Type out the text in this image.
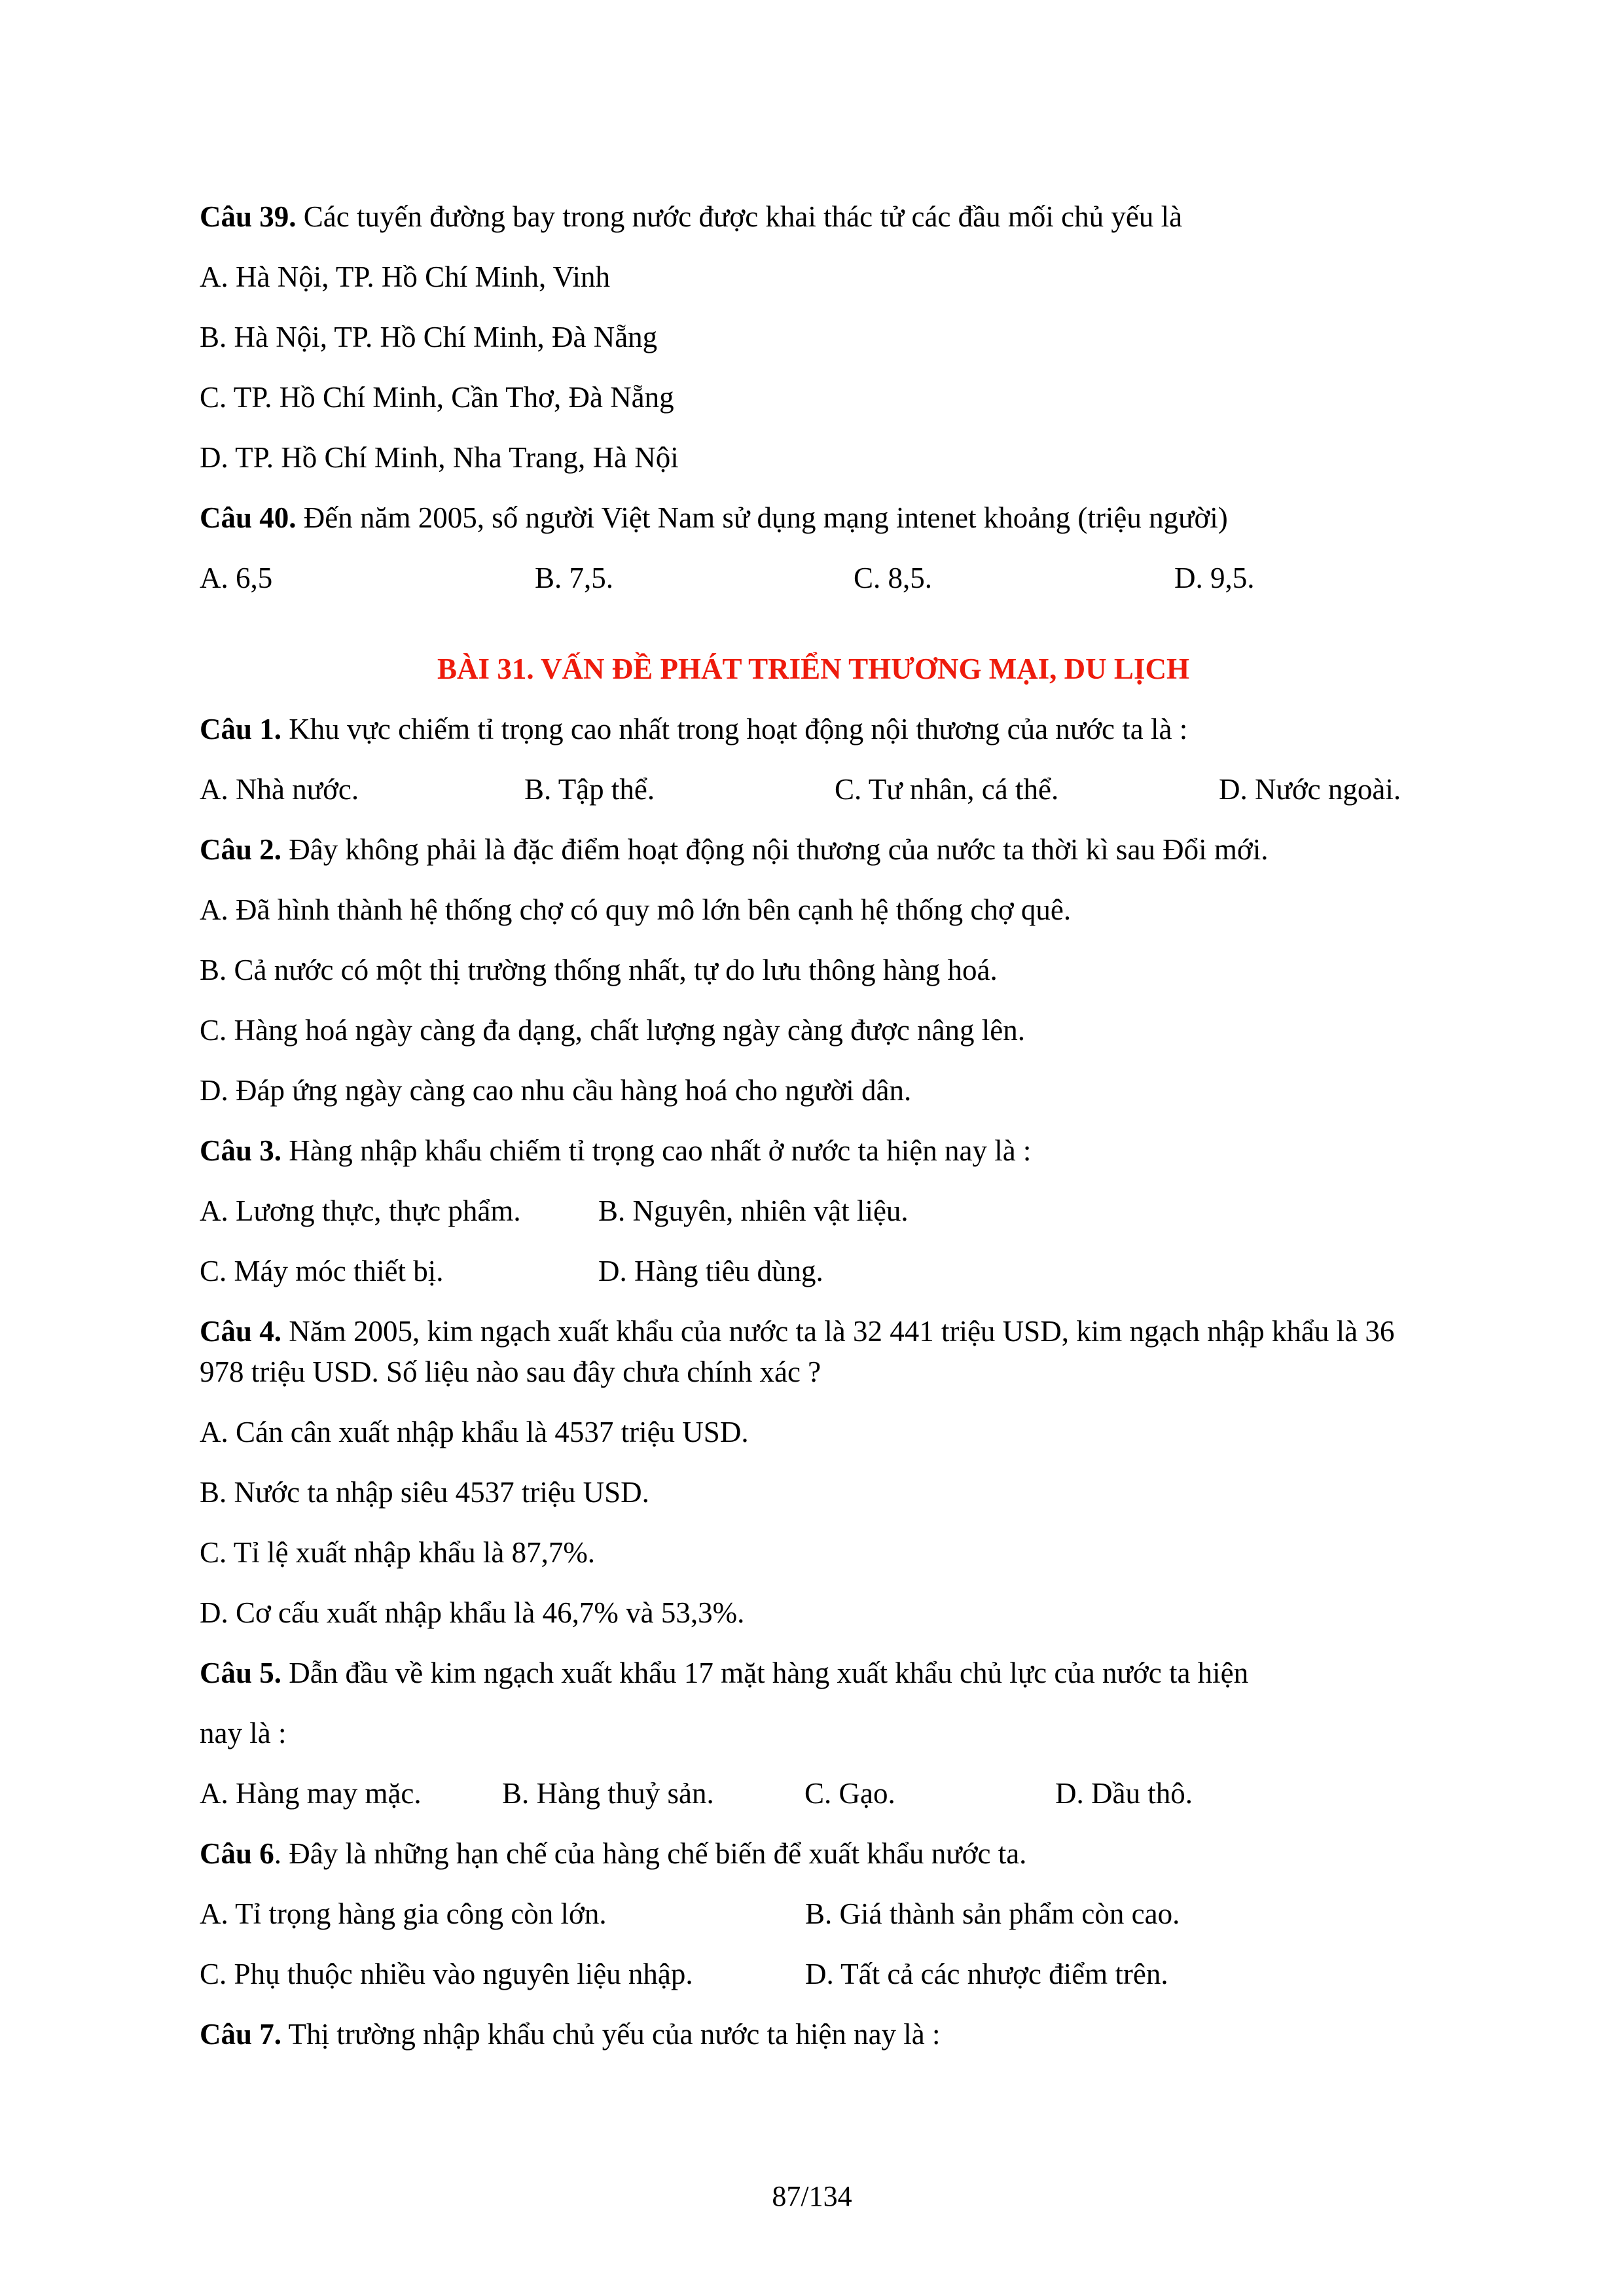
Câu 39. Các tuyến đường bay trong nước được khai thác tử các đầu mối chủ yếu là

A. Hà Nội, TP. Hồ Chí Minh, Vinh

B. Hà Nội, TP. Hồ Chí Minh, Đà Nẵng

C. TP. Hồ Chí Minh, Cần Thơ, Đà Nẵng

D. TP. Hồ Chí Minh, Nha Trang, Hà Nội

Câu 40. Đến năm 2005, số người Việt Nam sử dụng mạng intenet khoảng (triệu người)

A. 6,5	B. 7,5.	C. 8,5.	D. 9,5.

BÀI 31. VẤN ĐỀ PHÁT TRIỂN THƯƠNG MẠI, DU LỊCH

Câu 1. Khu vực chiếm tỉ trọng cao nhất trong hoạt động nội thương của nước ta là :

A. Nhà nước.	B. Tập thể.	C. Tư nhân, cá thể.	D. Nước ngoài.

Câu 2. Đây không phải là đặc điểm hoạt động nội thương của nước ta thời kì sau Đổi mới.

A. Đã hình thành hệ thống chợ có quy mô lớn bên cạnh hệ thống chợ quê.

B. Cả nước có một thị trường thống nhất, tự do lưu thông hàng hoá.

C. Hàng hoá ngày càng đa dạng, chất lượng ngày càng được nâng lên.

D. Đáp ứng ngày càng cao nhu cầu hàng hoá cho người dân.

Câu 3. Hàng nhập khẩu chiếm tỉ trọng cao nhất ở nước ta hiện nay là :

A. Lương thực, thực phẩm.	B. Nguyên, nhiên vật liệu.

C. Máy móc thiết bị.	D. Hàng tiêu dùng.

Câu 4. Năm 2005, kim ngạch xuất khẩu của nước ta là 32 441 triệu USD, kim ngạch nhập khẩu là 36 978 triệu USD. Số liệu nào sau đây chưa chính xác ?

A. Cán cân xuất nhập khẩu là 4537 triệu USD.

B. Nước ta nhập siêu 4537 triệu USD.

C. Tỉ lệ xuất nhập khẩu là 87,7%.

D. Cơ cấu xuất nhập khẩu là 46,7% và 53,3%.

Câu 5. Dẫn đầu về kim ngạch xuất khẩu 17 mặt hàng xuất khẩu chủ lực của nước ta hiện

nay là :

A. Hàng may mặc.	B. Hàng thuỷ sản.	C. Gạo.	D. Dầu thô.

Câu 6. Đây là những hạn chế của hàng chế biến để xuất khẩu nước ta.

A. Tỉ trọng hàng gia công còn lớn.	B. Giá thành sản phẩm còn cao.

C. Phụ thuộc nhiều vào nguyên liệu nhập.	D. Tất cả các nhược điểm trên.

Câu 7. Thị trường nhập khẩu chủ yếu của nước ta hiện nay là :

87/134
